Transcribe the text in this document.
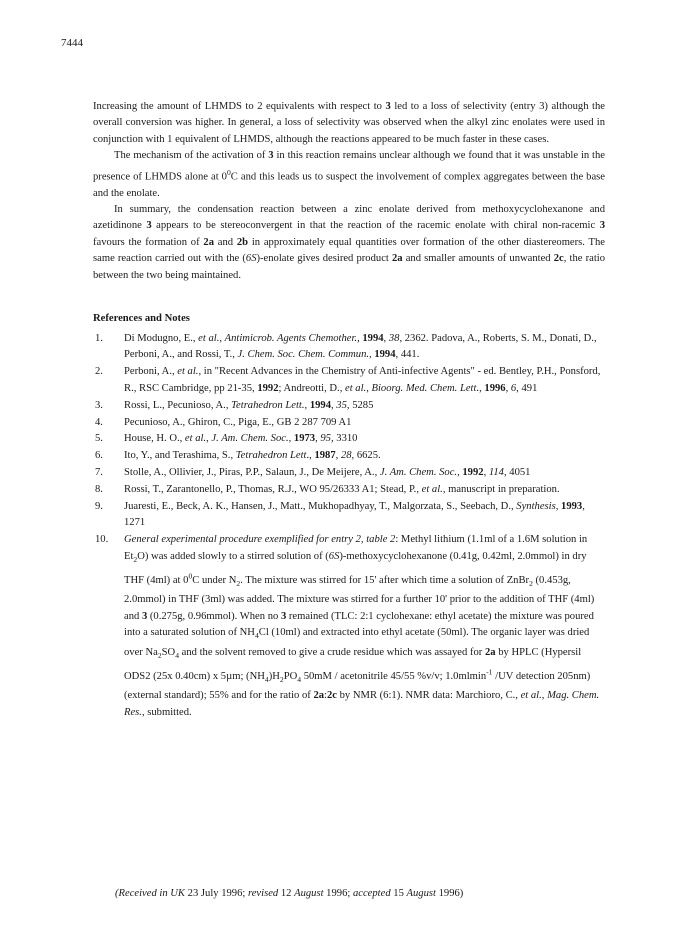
7444

Increasing the amount of LHMDS to 2 equivalents with respect to 3 led to a loss of selectivity (entry 3) although the overall conversion was higher. In general, a loss of selectivity was observed when the alkyl zinc enolates were used in conjunction with 1 equivalent of LHMDS, although the reactions appeared to be much faster in these cases.

The mechanism of the activation of 3 in this reaction remains unclear although we found that it was unstable in the presence of LHMDS alone at $0^0C$ and this leads us to suspect the involvement of complex aggregates between the base and the enolate.

In summary, the condensation reaction between a zinc enolate derived from methoxycyclohexanone and azetidinone 3 appears to be stereoconvergent in that the reaction of the racemic enolate with chiral non-racemic 3 favours the formation of 2a and 2b in approximately equal quantities over formation of the other diastereomers. The same reaction carried out with the (6S)-enolate gives desired product 2a and smaller amounts of unwanted 2c, the ratio between the two being maintained.

References and Notes
1. Di Modugno, E., et al., Antimicrob. Agents Chemother., 1994, 38, 2362. Padova, A., Roberts, S. M., Donati, D., Perboni, A., and Rossi, T., J. Chem. Soc. Chem. Commun., 1994, 441.
2. Perboni, A., et al., in "Recent Advances in the Chemistry of Anti-infective Agents" - ed. Bentley, P.H., Ponsford, R., RSC Cambridge, pp 21-35, 1992; Andreotti, D., et al., Bioorg. Med. Chem. Lett., 1996, 6, 491
3. Rossi, L., Pecunioso, A., Tetrahedron Lett., 1994, 35, 5285
4. Pecunioso, A., Ghiron, C., Piga, E., GB 2 287 709 A1
5. House, H. O., et al., J. Am. Chem. Soc., 1973, 95, 3310
6. Ito, Y., and Terashima, S., Tetrahedron Lett., 1987, 28, 6625.
7. Stolle, A., Ollivier, J., Piras, P.P., Salaun, J., De Meijere, A., J. Am. Chem. Soc., 1992, 114, 4051
8. Rossi, T., Zarantonello, P., Thomas, R.J., WO 95/26333 A1; Stead, P., et al., manuscript in preparation.
9. Juaresti, E., Beck, A. K., Hansen, J., Matt., Mukhopadhyay, T., Malgorzata, S., Seebach, D., Synthesis, 1993, 1271
10. General experimental procedure exemplified for entry 2, table 2: Methyl lithium (1.1ml of a 1.6M solution in $Et_2O$) was added slowly to a stirred solution of (6S)-methoxycyclohexanone (0.41g, 0.42ml, 2.0mmol) in dry THF (4ml) at $0^0C$ under $N_2$. The mixture was stirred for 15' after which time a solution of ZnBr$_2$ (0.453g, 2.0mmol) in THF (3ml) was added. The mixture was stirred for a further 10' prior to the addition of THF (4ml) and 3 (0.275g, 0.96mmol). When no 3 remained (TLC: 2:1 cyclohexane: ethyl acetate) the mixture was poured into a saturated solution of $NH_4Cl$ (10ml) and extracted into ethyl acetate (50ml). The organic layer was dried over $Na_2SO_4$ and the solvent removed to give a crude residue which was assayed for 2a by HPLC (Hypersil ODS2 (25x 0.40cm) x 5µm; $(NH_4)H_2PO_4$ 50mM / acetonitrile 45/55 %v/v; 1.0mlmin$^{-1}$ /UV detection 205nm) (external standard); 55% and for the ratio of 2a:2c by NMR (6:1). NMR data: Marchioro, C., et al., Mag. Chem. Res., submitted.
(Received in UK 23 July 1996; revised 12 August 1996; accepted 15 August 1996)
